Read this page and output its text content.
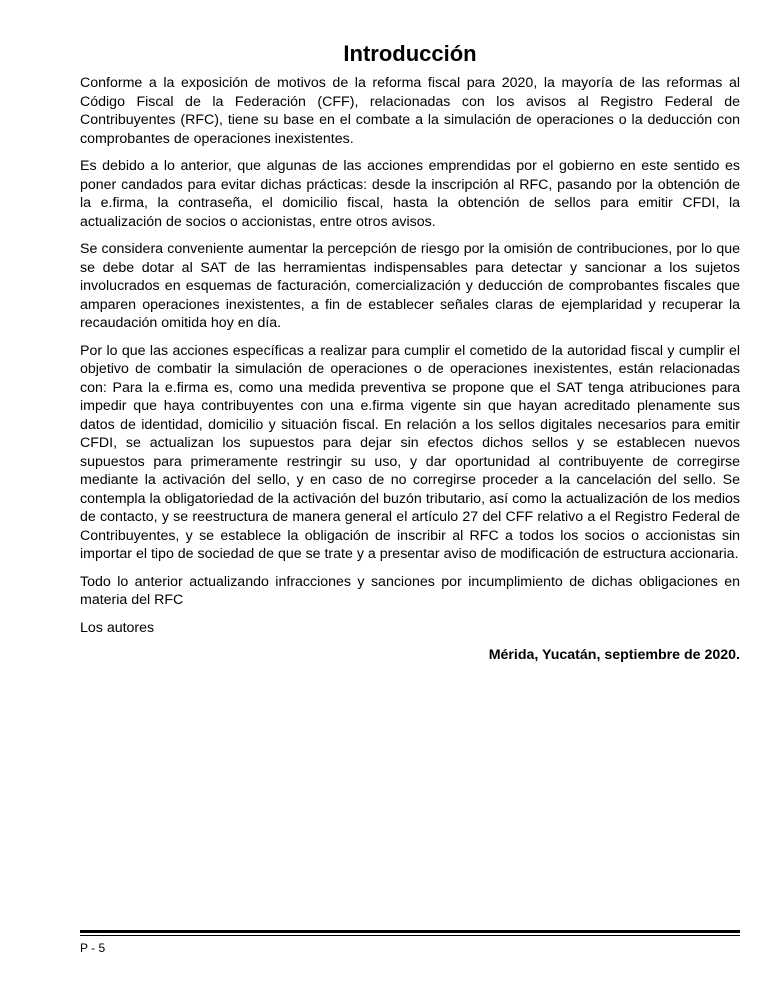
Introducción

Conforme a la exposición de motivos de la reforma fiscal para 2020, la mayoría de las reformas al Código Fiscal de la Federación (CFF), relacionadas con los avisos al Registro Federal de Contribuyentes (RFC), tiene su base en el combate a la simulación de operaciones o la deducción con comprobantes de operaciones inexistentes.

Es debido a lo anterior, que algunas de las acciones emprendidas por el gobierno en este sentido es poner candados para evitar dichas prácticas: desde la inscripción al RFC, pasando por la obtención de la e.firma, la contraseña, el domicilio fiscal, hasta la obtención de sellos para emitir CFDI, la actualización de socios o accionistas, entre otros avisos.

Se considera conveniente aumentar la percepción de riesgo por la omisión de contribuciones, por lo que se debe dotar al SAT de las herramientas indispensables para detectar y sancionar a los sujetos involucrados en esquemas de facturación, comercialización y deducción de comprobantes fiscales que amparen operaciones inexistentes, a fin de establecer señales claras de ejemplaridad y recuperar la recaudación omitida hoy en día.

Por lo que las acciones específicas a realizar para cumplir el cometido de la autoridad fiscal y cumplir el objetivo de combatir la simulación de operaciones o de operaciones inexistentes, están relacionadas con: Para la e.firma es, como una medida preventiva se propone que el SAT tenga atribuciones para impedir que haya contribuyentes con una e.firma vigente sin que hayan acreditado plenamente sus datos de identidad, domicilio y situación fiscal. En relación a los sellos digitales necesarios para emitir CFDI, se actualizan los supuestos para dejar sin efectos dichos sellos y se establecen nuevos supuestos para primeramente restringir su uso, y dar oportunidad al contribuyente de corregirse mediante la activación del sello, y en caso de no corregirse proceder a la cancelación del sello. Se contempla la obligatoriedad de la activación del buzón tributario, así como la actualización de los medios de contacto, y se reestructura de manera general el artículo 27 del CFF relativo a el Registro Federal de Contribuyentes, y se establece la obligación de inscribir al RFC a todos los socios o accionistas sin importar el tipo de sociedad de que se trate y a presentar aviso de modificación de estructura accionaria.

Todo lo anterior actualizando infracciones y sanciones por incumplimiento de dichas obligaciones en materia del RFC

Los autores

Mérida, Yucatán, septiembre de 2020.

P - 5
